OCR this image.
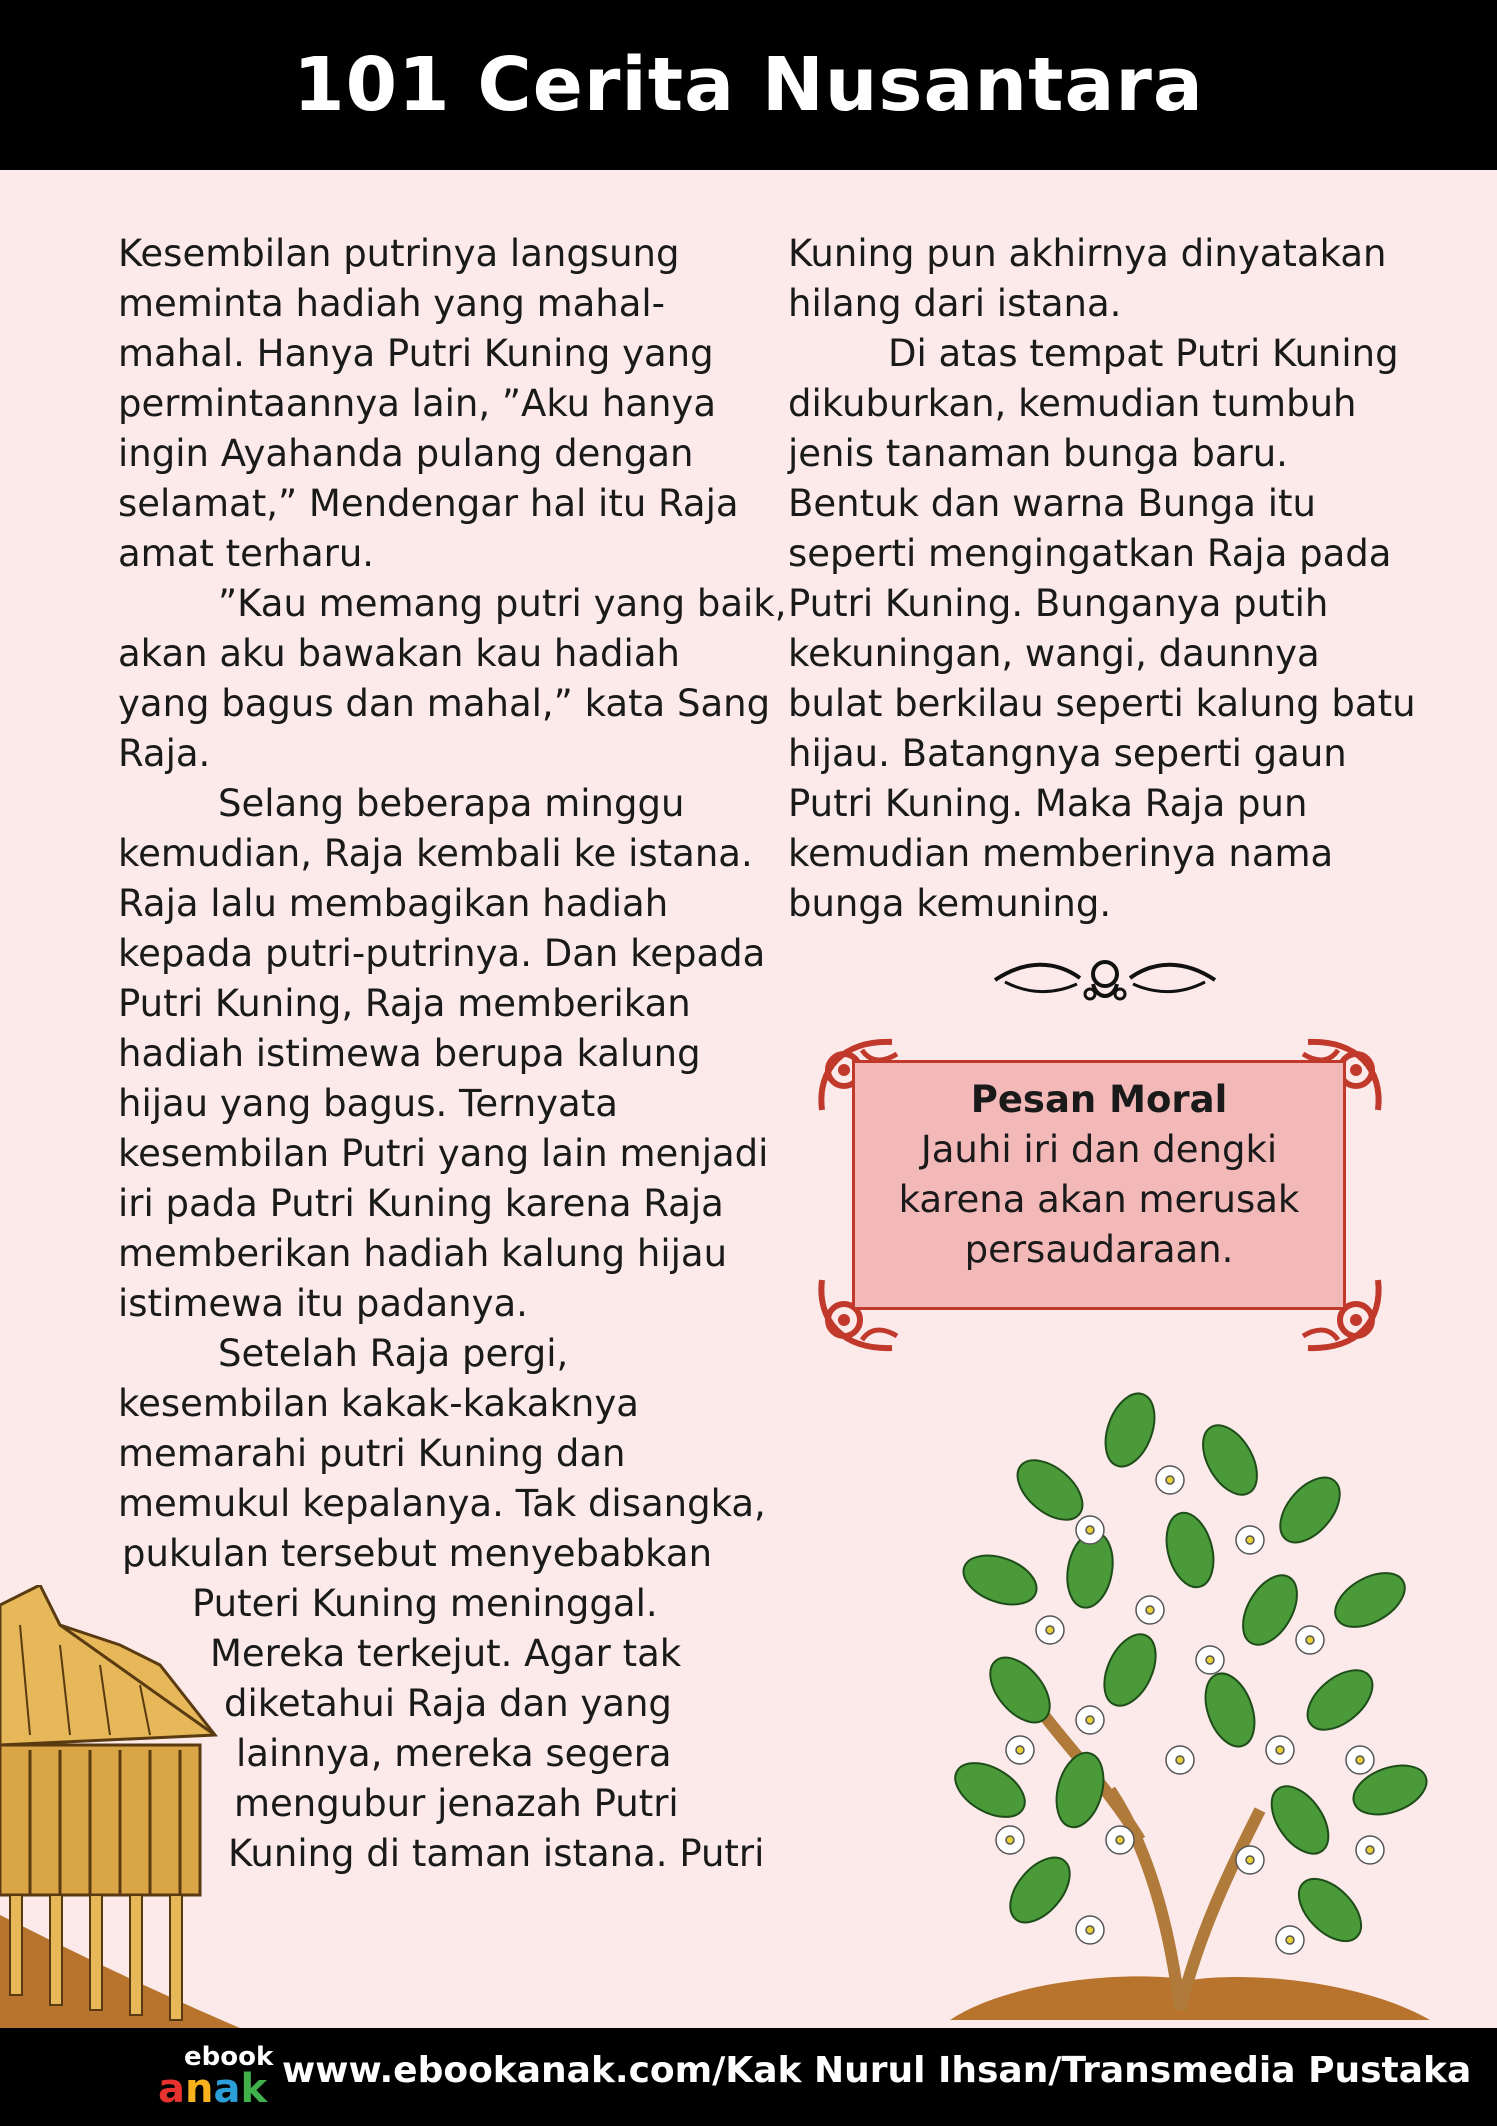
101 Cerita Nusantara
Kesembilan putrinya langsung
meminta hadiah yang mahal-
mahal. Hanya Putri Kuning yang
permintaannya lain, ”Aku hanya
ingin Ayahanda pulang dengan
selamat,” Mendengar hal itu Raja
amat terharu.
”Kau memang putri yang baik,
akan aku bawakan kau hadiah
yang bagus dan mahal,” kata Sang
Raja.
Selang beberapa minggu
kemudian, Raja kembali ke istana.
Raja lalu membagikan hadiah
kepada putri-putrinya. Dan kepada
Putri Kuning, Raja memberikan
hadiah istimewa berupa kalung
hijau yang bagus. Ternyata
kesembilan Putri yang lain menjadi
iri pada Putri Kuning karena Raja
memberikan hadiah kalung hijau
istimewa itu padanya.
Setelah Raja pergi,
kesembilan kakak-kakaknya
memarahi putri Kuning dan
memukul kepalanya. Tak disangka,
pukulan tersebut menyebabkan
Puteri Kuning meninggal.
Mereka terkejut. Agar tak
diketahui Raja dan yang
lainnya, mereka segera
mengubur jenazah Putri
Kuning di taman istana. Putri
Kuning pun akhirnya dinyatakan
hilang dari istana.
Di atas tempat Putri Kuning
dikuburkan, kemudian tumbuh
jenis tanaman bunga baru.
Bentuk dan warna Bunga itu
seperti mengingatkan Raja pada
Putri Kuning. Bunganya putih
kekuningan, wangi, daunnya
bulat berkilau seperti kalung batu
hijau. Batangnya seperti gaun
Putri Kuning. Maka Raja pun
kemudian memberinya nama
bunga kemuning.
Pesan Moral
Jauhi iri dan dengki
karena akan merusak
persaudaraan.
ebook
anak www.ebookanak.com/Kak Nurul Ihsan/Transmedia Pustaka
